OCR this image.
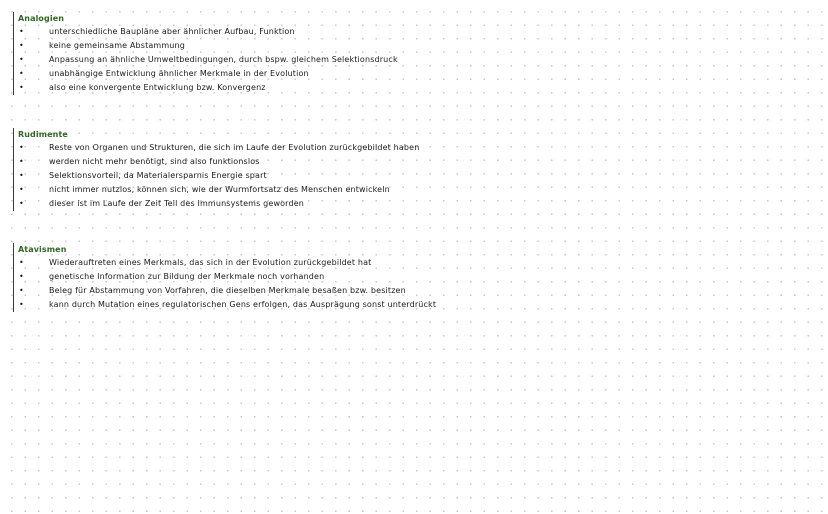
Analogien
•	unterschiedliche Baupläne aber ähnlicher Aufbau, Funktion
•	keine gemeinsame Abstammung
•	Anpassung an ähnliche Umweltbedingungen, durch bspw. gleichem Selektionsdruck
•	unabhängige Entwicklung ähnlicher Merkmale in der Evolution
•	also eine konvergente Entwicklung bzw. Konvergenz
Rudimente
•	Reste von Organen und Strukturen, die sich im Laufe der Evolution zurückgebildet haben
•	werden nicht mehr benötigt, sind also funktionslos
•	Selektionsvorteil, da Materialersparnis Energie spart
•	nicht immer nutzlos, können sich, wie der Wurmfortsatz des Menschen entwickeln
•	dieser ist im Laufe der Zeit Teil des Immunsystems geworden
Atavismen
•	Wiederauftreten eines Merkmals, das sich in der Evolution zurückgebildet hat
•	genetische Information zur Bildung der Merkmale noch vorhanden
•	Beleg für Abstammung von Vorfahren, die dieselben Merkmale besaßen bzw. besitzen
•	kann durch Mutation eines regulatorischen Gens erfolgen, das Ausprägung sonst unterdrückt
